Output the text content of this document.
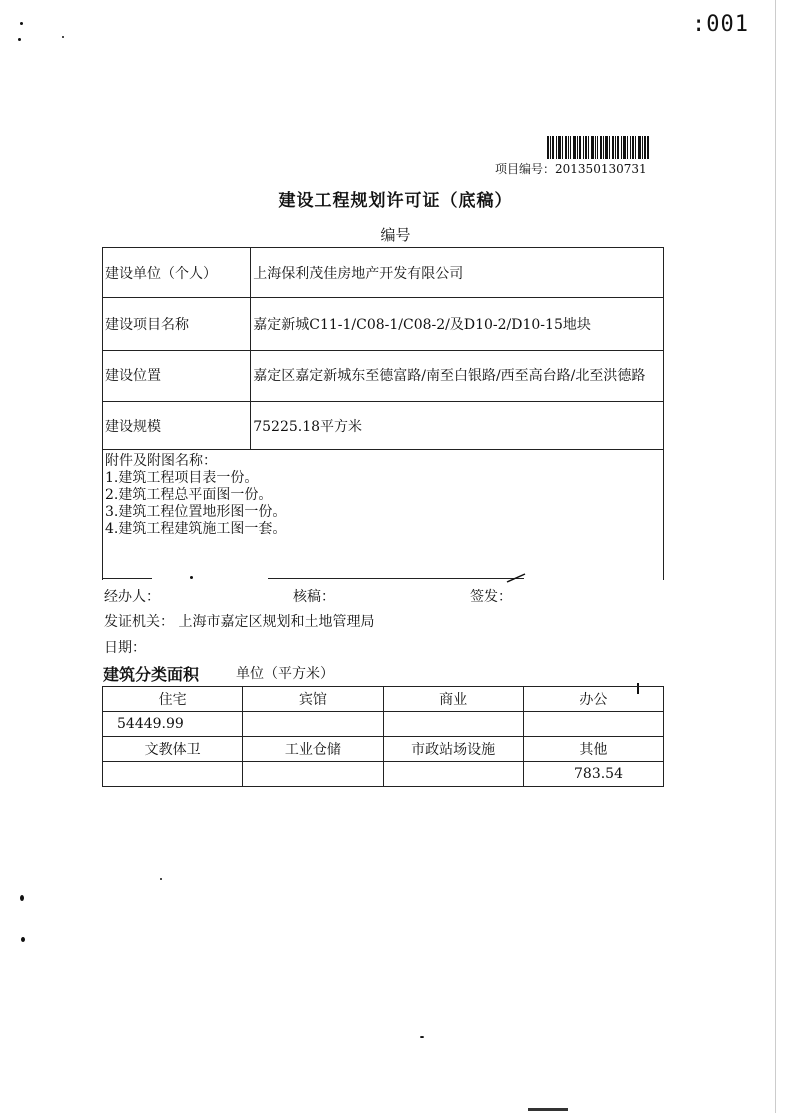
:001
项目编号：201350130731
建设工程规划许可证（底稿）
编号
建设单位（个人）	上海保利茂佳房地产开发有限公司
建设项目名称	嘉定新城C11-1/C08-1/C08-2/及D10-2/D10-15地块
建设位置	嘉定区嘉定新城东至德富路/南至白银路/西至高台路/北至洪德路
建设规模	75225.18平方米

附件及附图名称：
1.建筑工程项目表一份。
2.建筑工程总平面图一份。
3.建筑工程位置地形图一份。
4.建筑工程建筑施工图一套。	
经办人：	核稿：	签发：
发证机关： 上海市嘉定区规划和土地管理局
日期：
建筑分类面积	单位（平方米）
住宅	宾馆	商业	办公
54449.99			
文教体卫	工业仓储	市政站场设施	其他
			783.54
